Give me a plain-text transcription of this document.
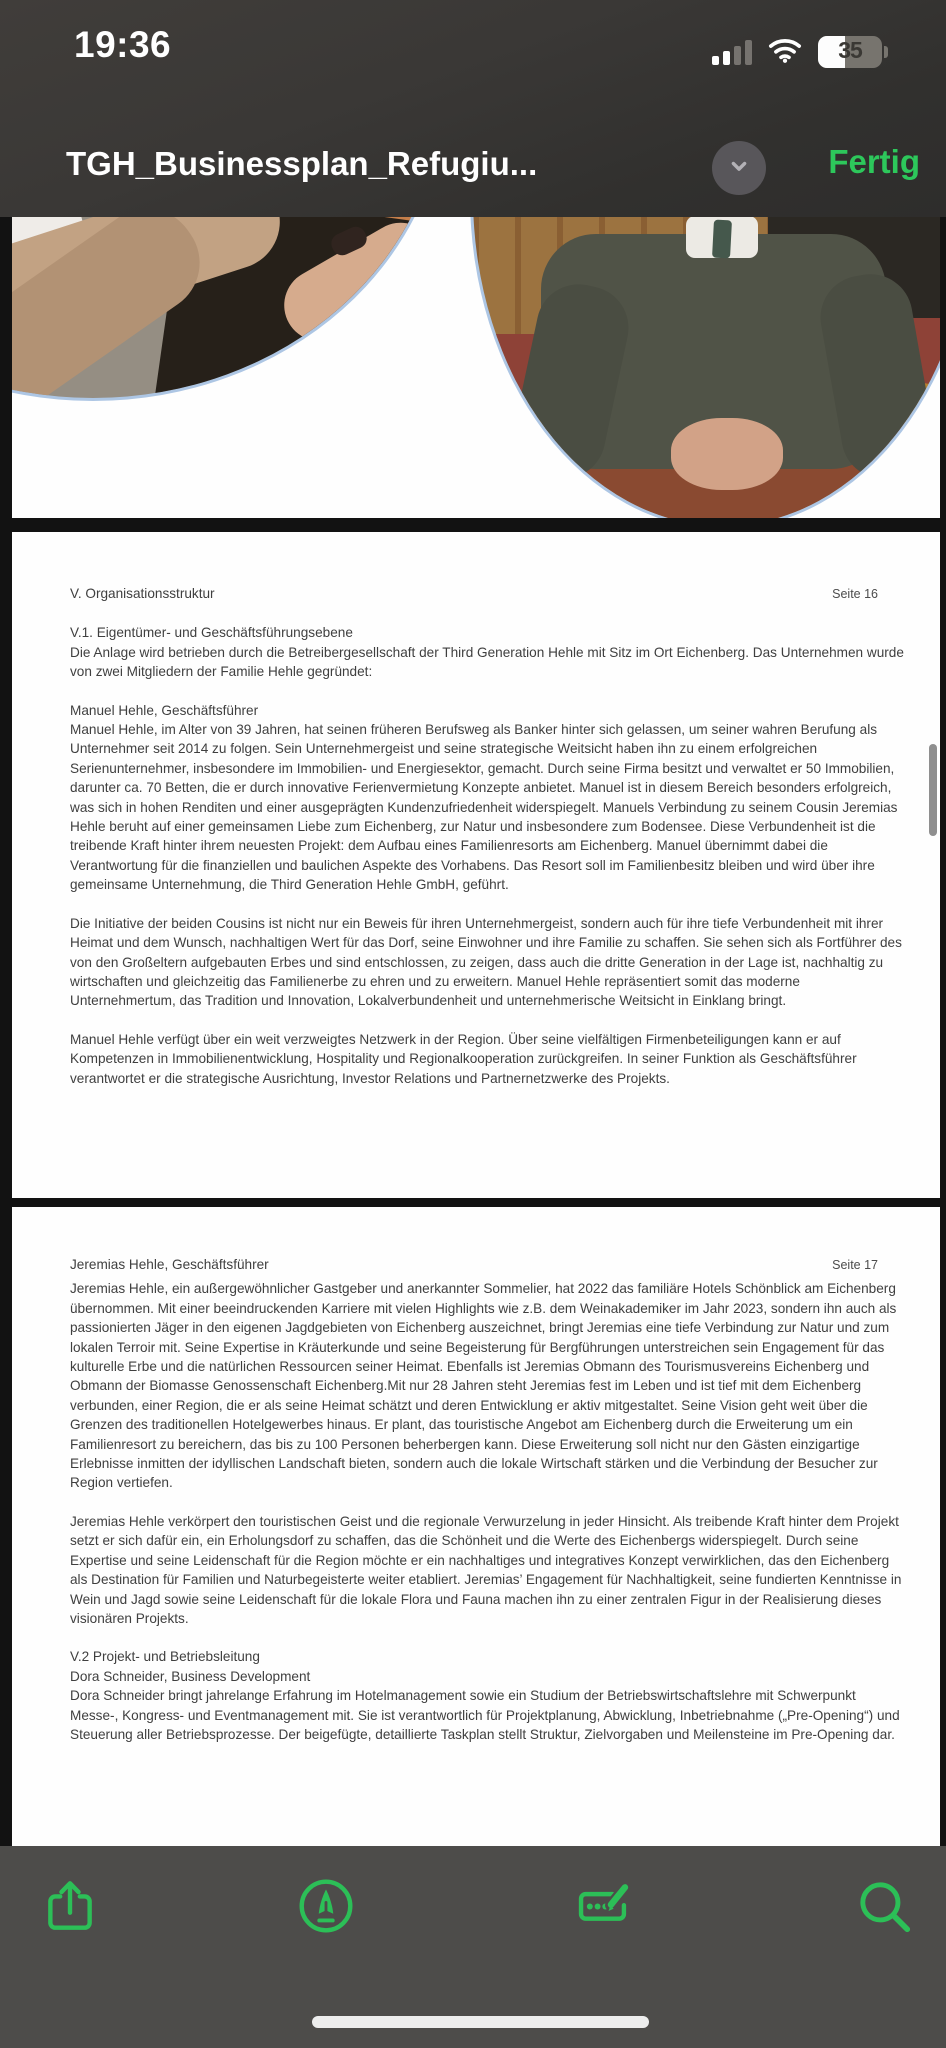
19:36	35
TGH_Businessplan_Refugiu...	Fertig
V. Organisationsstruktur	Seite 16

V.1. Eigentümer- und Geschäftsführungsebene

Die Anlage wird betrieben durch die Betreibergesellschaft der Third Generation Hehle mit Sitz im Ort Eichenberg. Das Unternehmen wurde von zwei Mitgliedern der Familie Hehle gegründet:

Manuel Hehle, Geschäftsführer

Manuel Hehle, im Alter von 39 Jahren, hat seinen früheren Berufsweg als Banker hinter sich gelassen, um seiner wahren Berufung als Unternehmer seit 2014 zu folgen. Sein Unternehmergeist und seine strategische Weitsicht haben ihn zu einem erfolgreichen Serienunternehmer, insbesondere im Immobilien- und Energiesektor, gemacht. Durch seine Firma besitzt und verwaltet er 50 Immobilien, darunter ca. 70 Betten, die er durch innovative Ferienvermietung Konzepte anbietet. Manuel ist in diesem Bereich besonders erfolgreich, was sich in hohen Renditen und einer ausgeprägten Kundenzufriedenheit widerspiegelt. Manuels Verbindung zu seinem Cousin Jeremias Hehle beruht auf einer gemeinsamen Liebe zum Eichenberg, zur Natur und insbesondere zum Bodensee. Diese Verbundenheit ist die treibende Kraft hinter ihrem neuesten Projekt: dem Aufbau eines Familienresorts am Eichenberg. Manuel übernimmt dabei die Verantwortung für die finanziellen und baulichen Aspekte des Vorhabens. Das Resort soll im Familienbesitz bleiben und wird über ihre gemeinsame Unternehmung, die Third Generation Hehle GmbH, geführt.

Die Initiative der beiden Cousins ist nicht nur ein Beweis für ihren Unternehmergeist, sondern auch für ihre tiefe Verbundenheit mit ihrer Heimat und dem Wunsch, nachhaltigen Wert für das Dorf, seine Einwohner und ihre Familie zu schaffen. Sie sehen sich als Fortführer des von den Großeltern aufgebauten Erbes und sind entschlossen, zu zeigen, dass auch die dritte Generation in der Lage ist, nachhaltig zu wirtschaften und gleichzeitig das Familienerbe zu ehren und zu erweitern. Manuel Hehle repräsentiert somit das moderne Unternehmertum, das Tradition und Innovation, Lokalverbundenheit und unternehmerische Weitsicht in Einklang bringt.

Manuel Hehle verfügt über ein weit verzweigtes Netzwerk in der Region. Über seine vielfältigen Firmenbeteiligungen kann er auf Kompetenzen in Immobilienentwicklung, Hospitality und Regionalkooperation zurückgreifen. In seiner Funktion als Geschäftsführer verantwortet er die strategische Ausrichtung, Investor Relations und Partnernetzwerke des Projekts.

Jeremias Hehle, Geschäftsführer	Seite 17

Jeremias Hehle, ein außergewöhnlicher Gastgeber und anerkannter Sommelier, hat 2022 das familiäre Hotels Schönblick am Eichenberg übernommen. Mit einer beeindruckenden Karriere mit vielen Highlights wie z.B. dem Weinakademiker im Jahr 2023, sondern ihn auch als passionierten Jäger in den eigenen Jagdgebieten von Eichenberg auszeichnet, bringt Jeremias eine tiefe Verbindung zur Natur und zum lokalen Terroir mit. Seine Expertise in Kräuterkunde und seine Begeisterung für Bergführungen unterstreichen sein Engagement für das kulturelle Erbe und die natürlichen Ressourcen seiner Heimat. Ebenfalls ist Jeremias Obmann des Tourismusvereins Eichenberg und Obmann der Biomasse Genossenschaft Eichenberg.Mit nur 28 Jahren steht Jeremias fest im Leben und ist tief mit dem Eichenberg verbunden, einer Region, die er als seine Heimat schätzt und deren Entwicklung er aktiv mitgestaltet. Seine Vision geht weit über die Grenzen des traditionellen Hotelgewerbes hinaus. Er plant, das touristische Angebot am Eichenberg durch die Erweiterung um ein Familienresort zu bereichern, das bis zu 100 Personen beherbergen kann. Diese Erweiterung soll nicht nur den Gästen einzigartige Erlebnisse inmitten der idyllischen Landschaft bieten, sondern auch die lokale Wirtschaft stärken und die Verbindung der Besucher zur Region vertiefen.

Jeremias Hehle verkörpert den touristischen Geist und die regionale Verwurzelung in jeder Hinsicht. Als treibende Kraft hinter dem Projekt setzt er sich dafür ein, ein Erholungsdorf zu schaffen, das die Schönheit und die Werte des Eichenbergs widerspiegelt. Durch seine Expertise und seine Leidenschaft für die Region möchte er ein nachhaltiges und integratives Konzept verwirklichen, das den Eichenberg als Destination für Familien und Naturbegeisterte weiter etabliert. Jeremias’ Engagement für Nachhaltigkeit, seine fundierten Kenntnisse in Wein und Jagd sowie seine Leidenschaft für die lokale Flora und Fauna machen ihn zu einer zentralen Figur in der Realisierung dieses visionären Projekts.

V.2 Projekt- und Betriebsleitung

Dora Schneider, Business Development

Dora Schneider bringt jahrelange Erfahrung im Hotelmanagement sowie ein Studium der Betriebswirtschaftslehre mit Schwerpunkt Messe-, Kongress- und Eventmanagement mit. Sie ist verantwortlich für Projektplanung, Abwicklung, Inbetriebnahme („Pre-Opening“) und Steuerung aller Betriebsprozesse. Der beigefügte, detaillierte Taskplan stellt Struktur, Zielvorgaben und Meilensteine im Pre-Opening dar.
